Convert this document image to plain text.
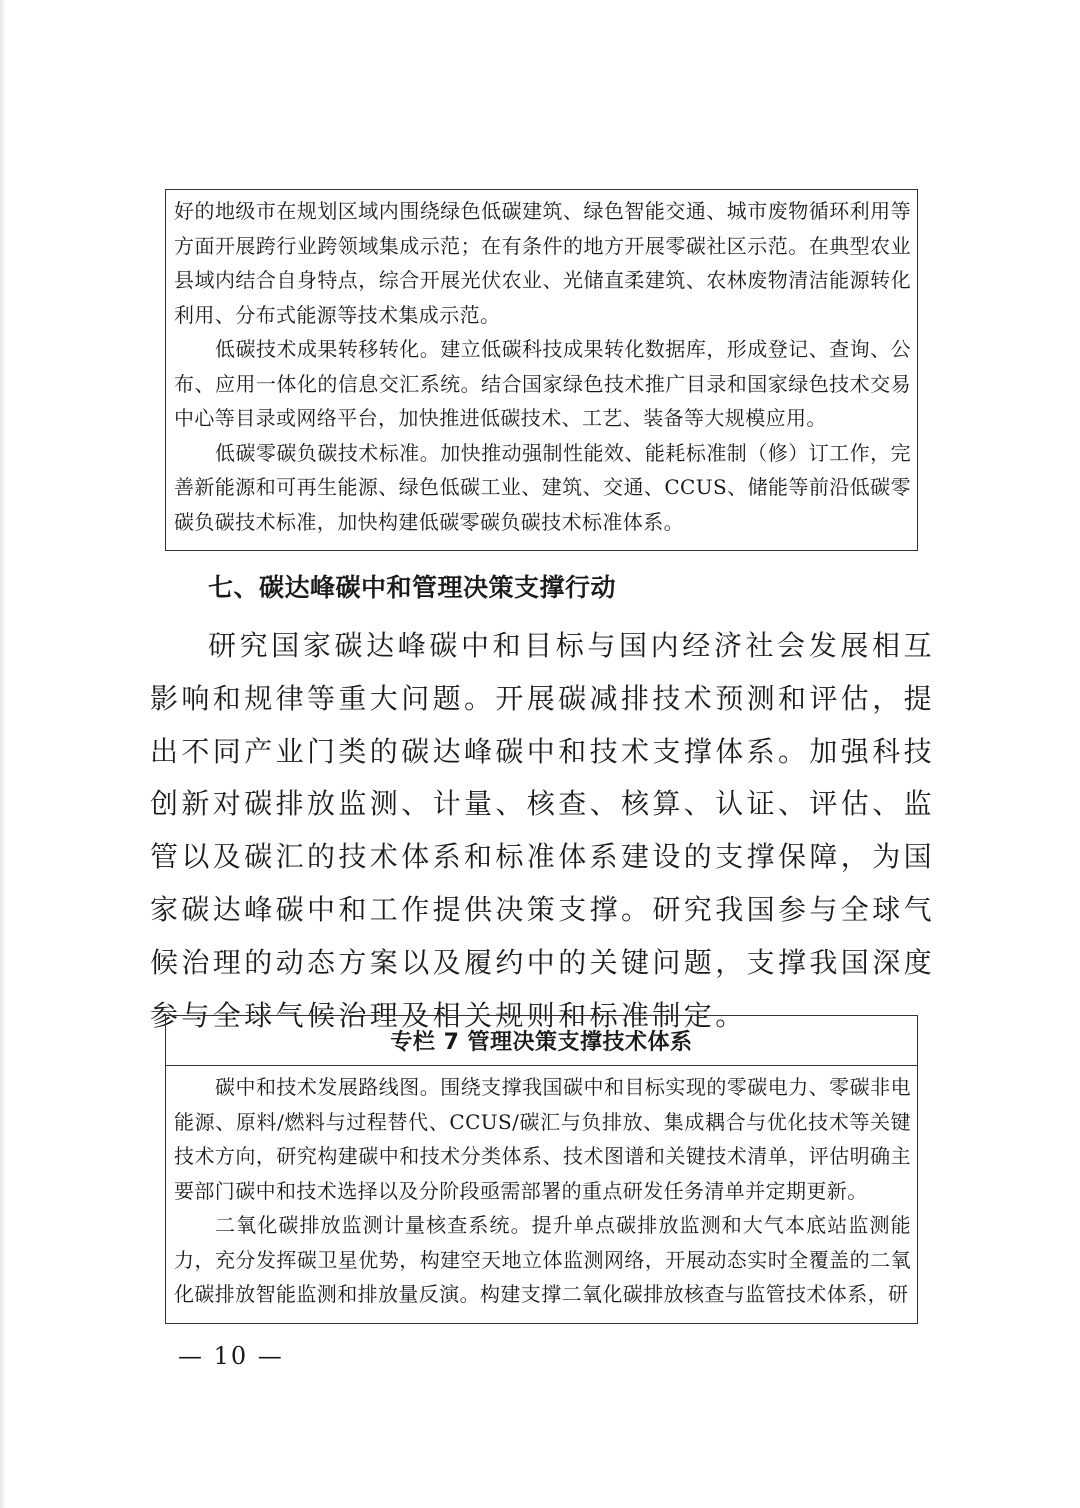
好的地级市在规划区域内围绕绿色低碳建筑、绿色智能交通、城市废物循环利用等方面开展跨行业跨领域集成示范；在有条件的地方开展零碳社区示范。在典型农业县域内结合自身特点，综合开展光伏农业、光储直柔建筑、农林废物清洁能源转化利用、分布式能源等技术集成示范。

低碳技术成果转移转化。建立低碳科技成果转化数据库，形成登记、查询、公布、应用一体化的信息交汇系统。结合国家绿色技术推广目录和国家绿色技术交易中心等目录或网络平台，加快推进低碳技术、工艺、装备等大规模应用。

低碳零碳负碳技术标准。加快推动强制性能效、能耗标准制（修）订工作，完善新能源和可再生能源、绿色低碳工业、建筑、交通、CCUS、储能等前沿低碳零碳负碳技术标准，加快构建低碳零碳负碳技术标准体系。

七、碳达峰碳中和管理决策支撑行动

研究国家碳达峰碳中和目标与国内经济社会发展相互影响和规律等重大问题。开展碳减排技术预测和评估，提出不同产业门类的碳达峰碳中和技术支撑体系。加强科技创新对碳排放监测、计量、核查、核算、认证、评估、监管以及碳汇的技术体系和标准体系建设的支撑保障，为国家碳达峰碳中和工作提供决策支撑。研究我国参与全球气候治理的动态方案以及履约中的关键问题，支撑我国深度参与全球气候治理及相关规则和标准制定。

专栏 7 管理决策支撑技术体系

碳中和技术发展路线图。围绕支撑我国碳中和目标实现的零碳电力、零碳非电能源、原料/燃料与过程替代、CCUS/碳汇与负排放、集成耦合与优化技术等关键技术方向，研究构建碳中和技术分类体系、技术图谱和关键技术清单，评估明确主要部门碳中和技术选择以及分阶段亟需部署的重点研发任务清单并定期更新。

二氧化碳排放监测计量核查系统。提升单点碳排放监测和大气本底站监测能力，充分发挥碳卫星优势，构建空天地立体监测网络，开展动态实时全覆盖的二氧化碳排放智能监测和排放量反演。构建支撑二氧化碳排放核查与监管技术体系，研

— 10 —
